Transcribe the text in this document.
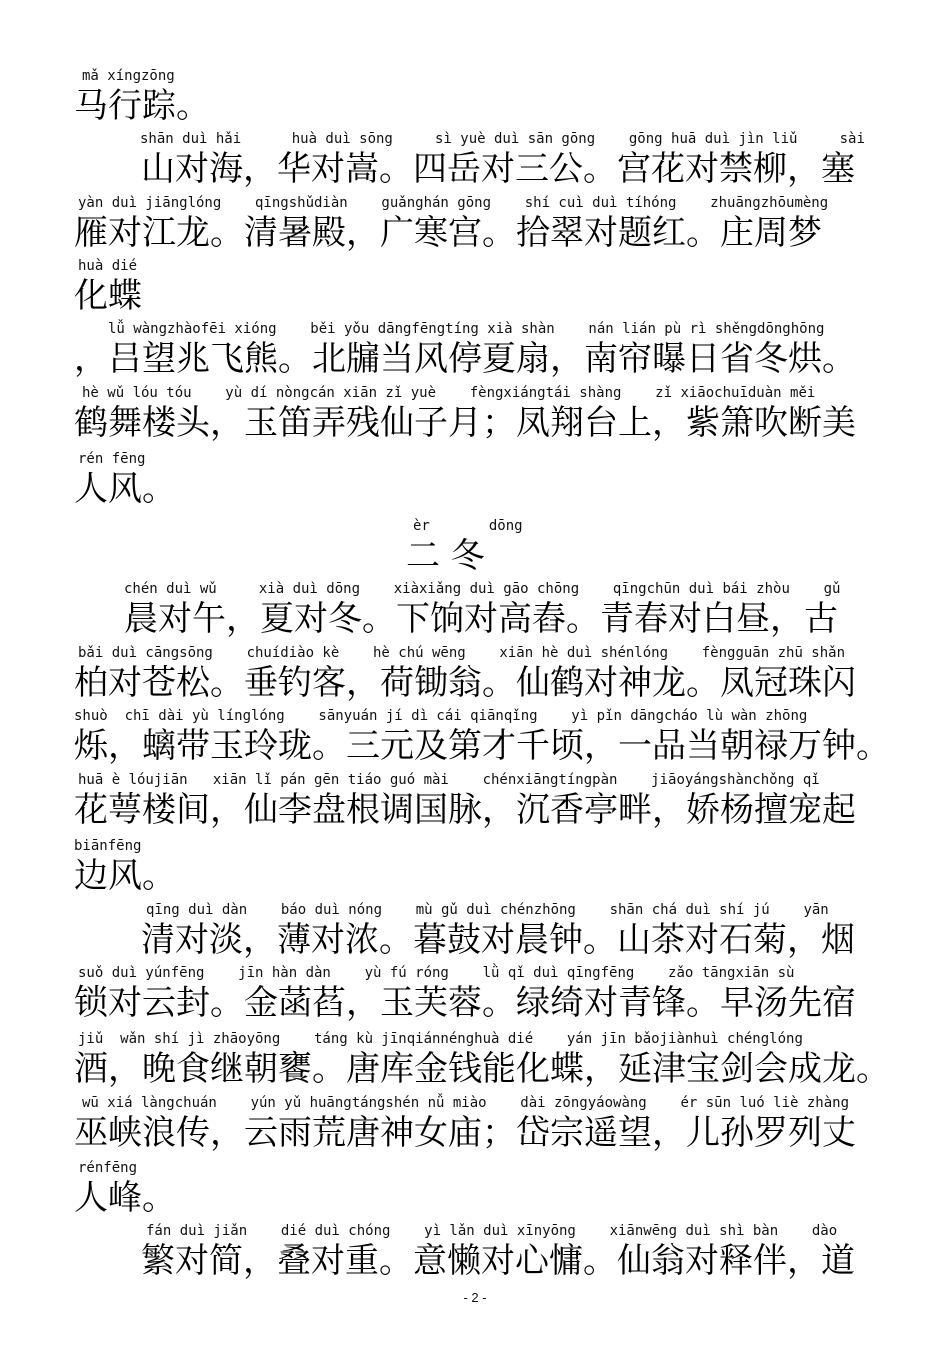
mǎ xíngzōng
马行踪。
shān duì hǎi      huà duì sōng     sì yuè duì sān gōng    gōng huā duì jìn liǔ     sài
山对海，华对嵩。四岳对三公。宫花对禁柳，塞
yàn duì jiānglóng    qīngshǔdiàn    guǎnghán gōng    shí cuì duì tíhóng    zhuāngzhōumèng
雁对江龙。清暑殿，广寒宫。拾翠对题红。庄周梦
huà dié
化蝶
lǚ wàngzhàofēi xióng    běi yǒu dāngfēngtíng xià shàn    nán lián pù rì shěngdōnghōng
，吕望兆飞熊。北牖当风停夏扇，南帘曝日省冬烘。
hè wǔ lóu tóu    yù dí nòngcán xiān zǐ yuè    fèngxiángtái shàng    zǐ xiāochuīduàn měi
鹤舞楼头，玉笛弄残仙子月；凤翔台上，紫箫吹断美
rén fēng
人风。
èr       dōng
二 冬
chén duì wǔ     xià duì dōng    xiàxiǎng duì gāo chōng    qīngchūn duì bái zhòu    gǔ
晨对午，夏对冬。下饷对高舂。青春对白昼，古
bǎi duì cāngsōng    chuídiào kè    hè chú wēng    xiān hè duì shénlóng    fèngguān zhū shǎn
柏对苍松。垂钓客，荷锄翁。仙鹤对神龙。凤冠珠闪
shuò  chī dài yù línglóng    sānyuán jí dì cái qiānqǐng    yì pǐn dāngcháo lù wàn zhōng
烁，螭带玉玲珑。三元及第才千顷，一品当朝禄万钟。
huā è lóujiān   xiān lǐ pán gēn tiáo guó mài    chénxiāngtíngpàn    jiāoyángshànchǒng qǐ
花萼楼间，仙李盘根调国脉，沉香亭畔，娇杨擅宠起
biānfēng
边风。
qīng duì dàn    báo duì nóng    mù gǔ duì chénzhōng    shān chá duì shí jú    yān
清对淡，薄对浓。暮鼓对晨钟。山茶对石菊，烟
suǒ duì yúnfēng    jīn hàn dàn    yù fú róng    lǜ qǐ duì qīngfēng    zǎo tāngxiān sù
锁对云封。金菡萏，玉芙蓉。绿绮对青锋。早汤先宿
jiǔ  wǎn shí jì zhāoyōng    táng kù jīnqiánnénghuà dié    yán jīn bǎojiànhuì chénglóng
酒，晚食继朝饔。唐库金钱能化蝶，延津宝剑会成龙。
wū xiá làngchuán    yún yǔ huāngtángshén nǚ miào    dài zōngyáowàng    ér sūn luó liè zhàng
巫峡浪传，云雨荒唐神女庙；岱宗遥望，儿孙罗列丈
rénfēng
人峰。
fán duì jiǎn    dié duì chóng    yì lǎn duì xīnyōng    xiānwēng duì shì bàn    dào
繁对简，叠对重。意懒对心慵。仙翁对释伴，道
- 2 -
